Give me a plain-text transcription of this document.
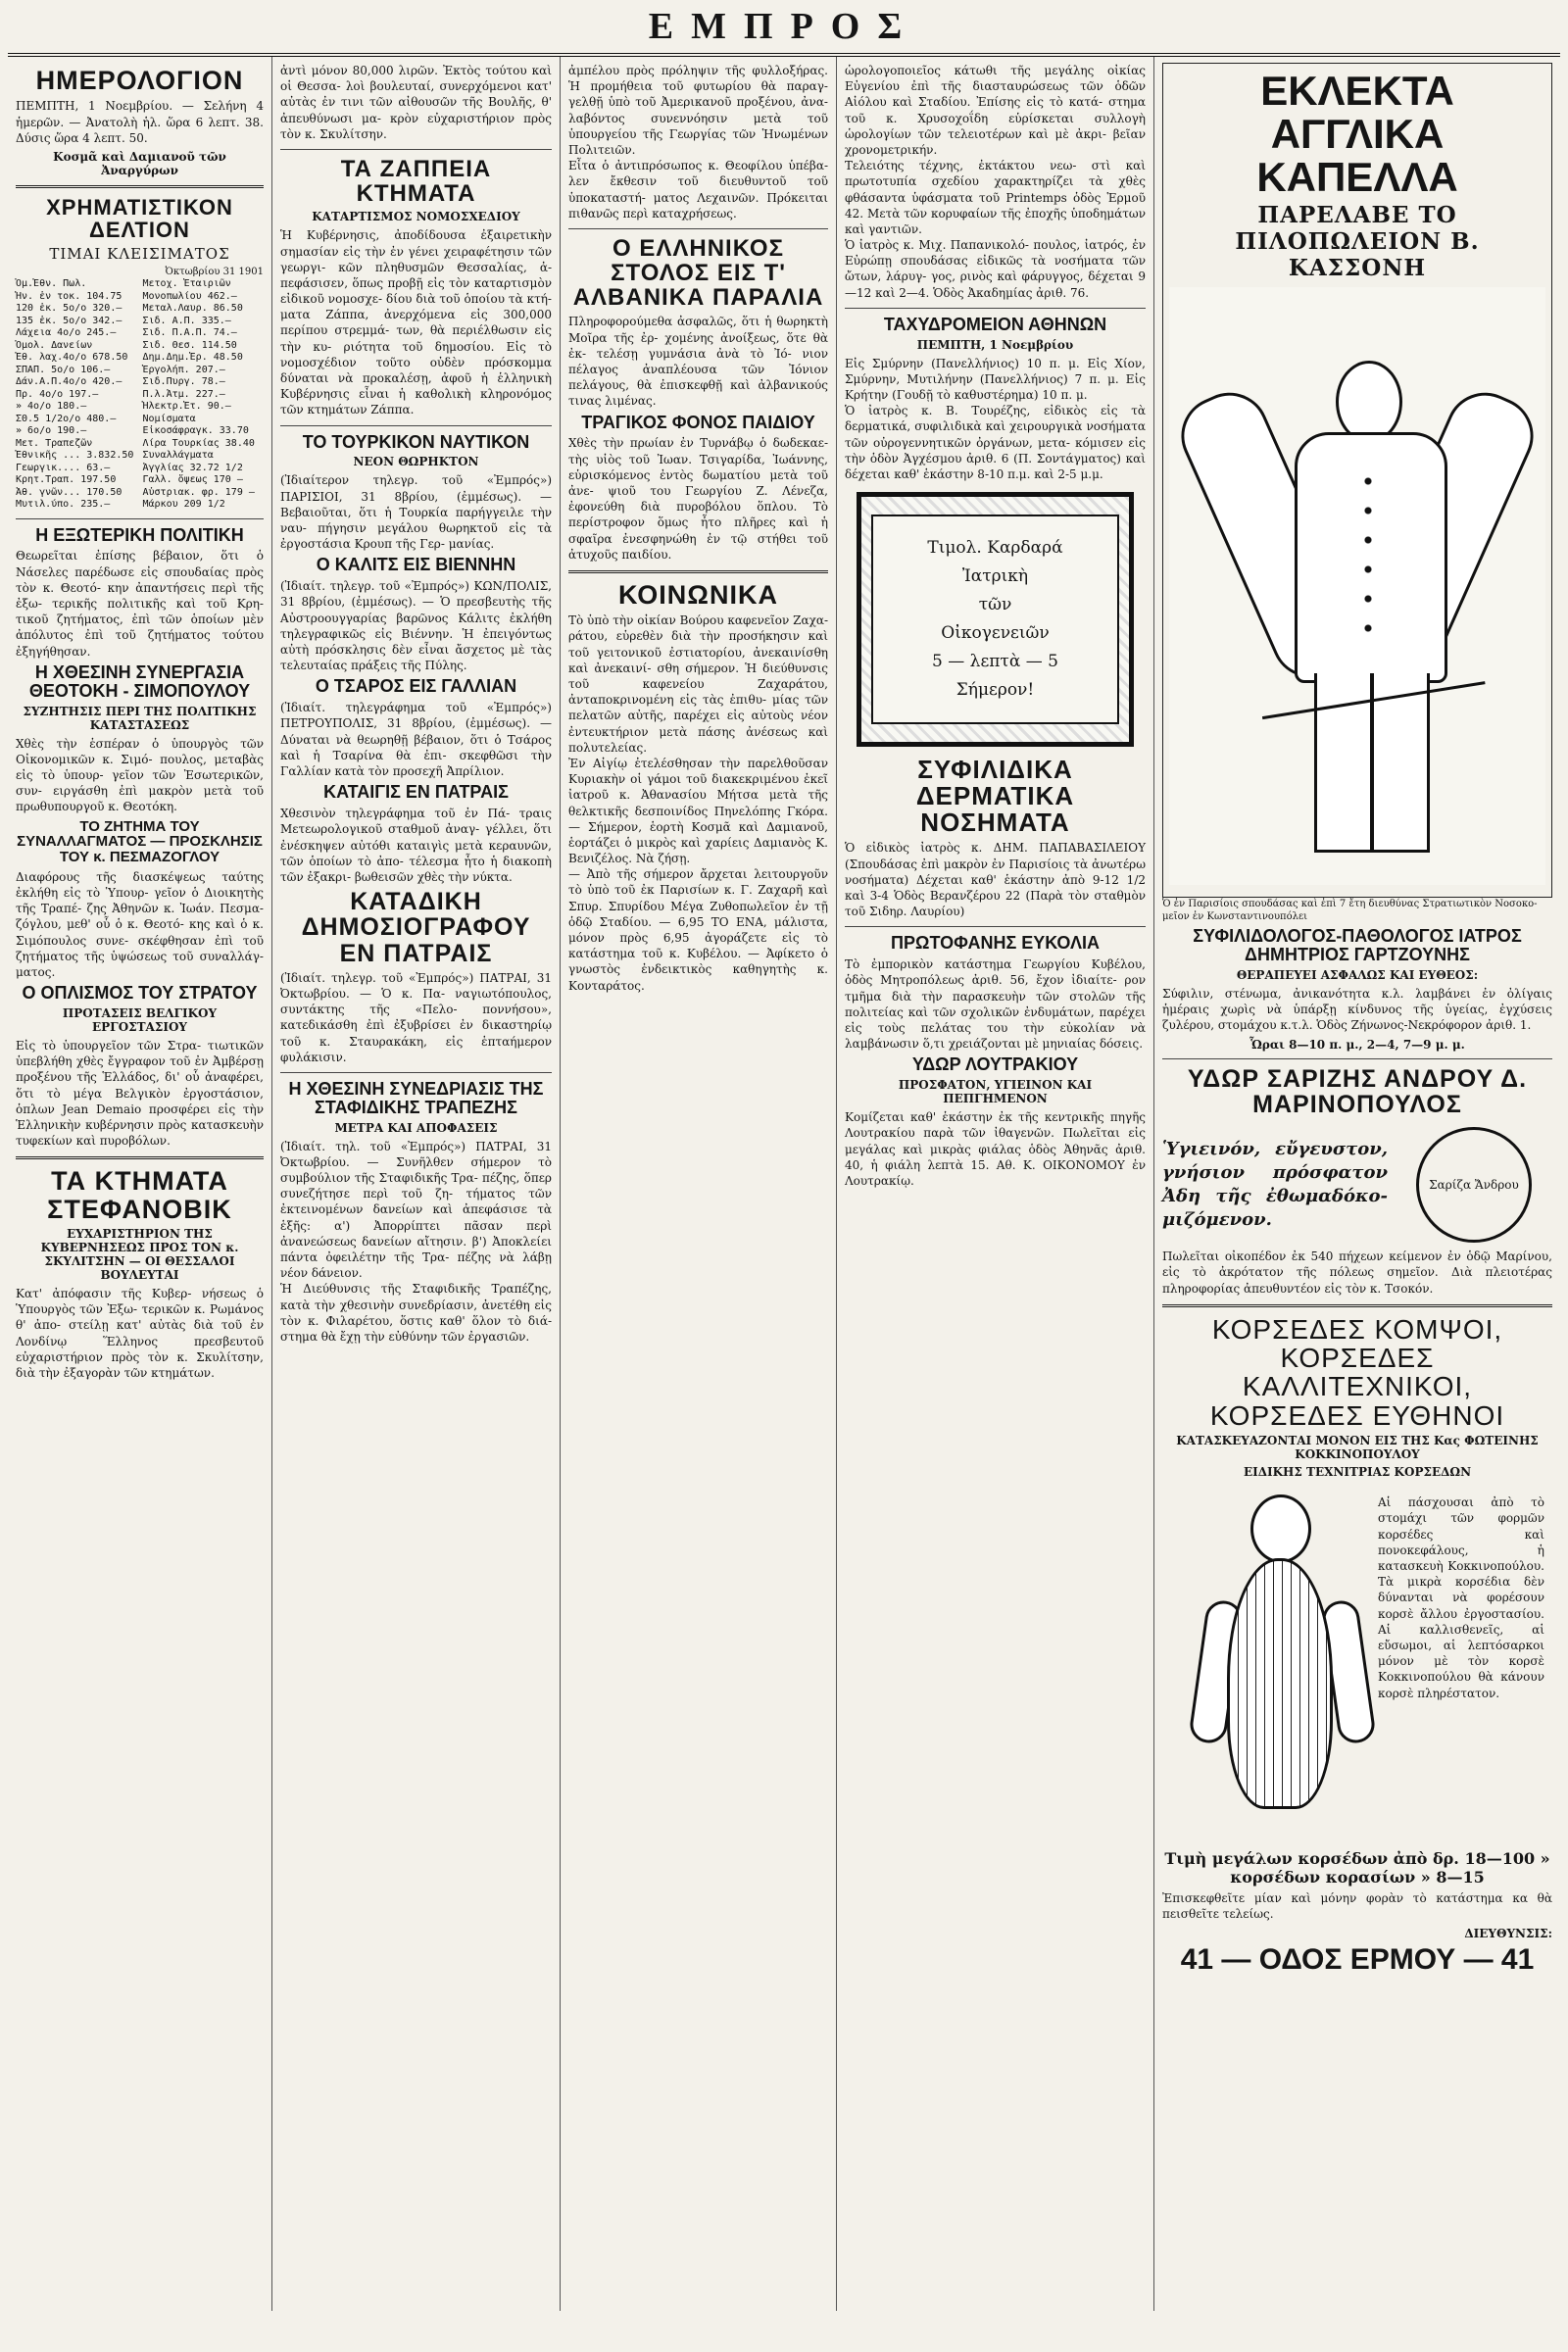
ΕΜΠΡΟΣ
ΗΜΕΡΟΛΟΓΙΟΝ
ΠΕΜΠΤΗ, 1 Νοεμβρίου. — Σελήνη 4 ἡμερῶν. — Ἀνατολὴ ἡλ. ὥρα 6 λεπτ. 38. Δύσις ὥρα 4 λεπτ. 50.
Κοσμᾶ καὶ Δαμιανοῦ τῶν Ἀναργύρων
ΧΡΗΜΑΤΙΣΤΙΚΟΝ ΔΕΛΤΙΟΝ
ΤΙΜΑΙ ΚΛΕΙΣΙΜΑΤΟΣ
Ὀκτωβρίου 31 1901

Ὁμ.Ἐθν. Πωλ.

Ἠν. ἐν τοκ. 104.75

120 ἐκ. 5ο/ο 320.—

135 ἐκ. 5ο/ο 342.—

Λάχεια 4ο/ο 245.—

Ὁμολ. Δανείων

Ἐθ. λαχ.4ο/ο 678.50

ΣΠΑΠ. 5ο/ο 106.—

Δάν.Α.Π.4ο/ο 420.—

Πρ. 4ο/ο 197.—

» 4ο/ο 180.—

ΣΘ.5 1/2ο/ο 480.—

» 6ο/ο 190.—

Μετ. Τραπεζῶν

Ἐθνικῆς ... 3.832.50

Γεωργικ.... 63.—

Κρητ.Τραπ. 197.50

Ἀθ. γνῶν... 170.50

Μυτιλ.ύπο. 235.—

Μετοχ. Ἑταιριῶν

Μονοπωλίου 462.—

Μεταλ.Λαυρ. 86.50

Σιδ. Α.Π. 335.—

Σιδ. Π.Α.Π. 74.—

Σιδ. Θεσ. 114.50

Δημ.Δημ.Ἐρ. 48.50

Ἐργολήπ. 207.—

Σιδ.Πυργ. 78.—

Π.λ.Ἀτμ. 227.—

Ἠλεκτρ.Ἑτ. 90.—

Νομίσματα

Εἰκοσάφραγκ. 33.70

Λίρα Τουρκίας 38.40

Συναλλάγματα

Ἀγγλίας 32.72 1/2

Γαλλ. ὄψεως 170 —

Αὐστριακ. φρ. 179 —

Μάρκου 209 1/2

Η ΕΞΩΤΕΡΙΚΗ ΠΟΛΙΤΙΚΗ
Θεωρεῖται ἐπίσης βέβαιον, ὅτι ὁ Νάσελες παρέδωσε εἰς σπουδαίας πρὸς τὸν κ. Θεοτό- κην ἀπαντήσεις περὶ τῆς ἐξω- τερικῆς πολιτικῆς καὶ τοῦ Κρη- τικοῦ ζητήματος, ἐπὶ τῶν ὁποίων μὲν ἀπόλυτος ἐπὶ τοῦ ζητήματος τούτου ἐξηγήθησαν.
Η ΧΘΕΣΙΝΗ ΣΥΝΕΡΓΑΣΙΑ ΘΕΟΤΟΚΗ - ΣΙΜΟΠΟΥΛΟΥ
ΣΥΖΗΤΗΣΙΣ ΠΕΡΙ ΤΗΣ ΠΟΛΙΤΙΚΗΣ ΚΑΤΑΣΤΑΣΕΩΣ
Χθὲς τὴν ἑσπέραν ὁ ὑπουργὸς τῶν Οἰκονομικῶν κ. Σιμό- πουλος, μεταβὰς εἰς τὸ ὑπουρ- γεῖον τῶν Ἐσωτερικῶν, συν- ειργάσθη ἐπὶ μακρὸν μετὰ τοῦ πρωθυπουργοῦ κ. Θεοτόκη.
ΤΟ ΖΗΤΗΜΑ ΤΟΥ ΣΥΝΑΛΛΑΓΜΑΤΟΣ — ΠΡΟΣΚΛΗΣΙΣ ΤΟΥ κ. ΠΕΣΜΑΖΟΓΛΟΥ
Διαφόρους τῆς διασκέψεως ταύτης ἐκλήθη εἰς τὸ Ὑπουρ- γεῖον ὁ Διοικητὴς τῆς Τραπέ- ζης Ἀθηνῶν κ. Ἰωάν. Πεσμα- ζόγλου, μεθ' οὗ ὁ κ. Θεοτό- κης καὶ ὁ κ. Σιμόπουλος συνε- σκέφθησαν ἐπὶ τοῦ ζητήματος τῆς ὑψώσεως τοῦ συναλλάγ- ματος.
Ο ΟΠΛΙΣΜΟΣ ΤΟΥ ΣΤΡΑΤΟΥ
ΠΡΟΤΑΣΕΙΣ ΒΕΛΓΙΚΟΥ ΕΡΓΟΣΤΑΣΙΟΥ
Εἰς τὸ ὑπουργεῖον τῶν Στρα- τιωτικῶν ὑπεβλήθη χθὲς ἔγγραφον τοῦ ἐν Ἀμβέρσῃ προξένου τῆς Ἑλλάδος, δι' οὗ ἀναφέρει, ὅτι τὸ μέγα Βελγικὸν ἐργοστάσιον, ὁπλων Jean Demaio προσφέρει εἰς τὴν Ἑλληνικὴν κυβέρνησιν πρὸς κατασκευὴν τυφεκίων καὶ πυροβόλων.
ΤΑ ΚΤΗΜΑΤΑ ΣΤΕΦΑΝΟΒΙΚ
ΕΥΧΑΡΙΣΤΗΡΙΟΝ ΤΗΣ ΚΥΒΕΡΝΗΣΕΩΣ ΠΡΟΣ ΤΟΝ κ. ΣΚΥΛΙΤΣΗΝ — ΟΙ ΘΕΣΣΑΛΟΙ ΒΟΥΛΕΥΤΑΙ
Κατ' ἀπόφασιν τῆς Κυβερ- νήσεως ὁ Ὑπουργὸς τῶν Ἐξω- τερικῶν κ. Ρωμάνος θ' ἀπο- στείλῃ κατ' αὐτὰς διὰ τοῦ ἐν Λονδίνῳ Ἕλληνος πρεσβευτοῦ εὐχαριστήριον πρὸς τὸν κ. Σκυλίτσην, διὰ τὴν ἐξαγορὰν τῶν κτημάτων.
ἀντὶ μόνον 80,000 λιρῶν. Ἐκτὸς τούτου καὶ οἱ Θεσσα- λοὶ βουλευταί, συνερχόμενοι κατ' αὐτὰς ἐν τινι τῶν αἰθουσῶν τῆς Βουλῆς, θ' ἀπευθύνωσι μα- κρὸν εὐχαριστήριον πρὸς τὸν κ. Σκυλίτσην.
ΤΑ ΖΑΠΠΕΙΑ ΚΤΗΜΑΤΑ
ΚΑΤΑΡΤΙΣΜΟΣ ΝΟΜΟΣΧΕΔΙΟΥ
Ἡ Κυβέρνησις, ἀποδίδουσα ἐξαιρετικὴν σημασίαν εἰς τὴν ἐν γένει χειραφέτησιν τῶν γεωργι- κῶν πληθυσμῶν Θεσσαλίας, ἀ- πεφάσισεν, ὅπως προβῇ εἰς τὸν καταρτισμὸν εἰδικοῦ νομοσχε- δίου διὰ τοῦ ὁποίου τὰ κτή- ματα Ζάππα, ἀνερχόμενα εἰς 300,000 περίπου στρεμμά- των, θὰ περιέλθωσιν εἰς τὴν κυ- ριότητα τοῦ δημοσίου. Εἰς τὸ νομοσχέδιον τοῦτο οὐδὲν πρόσκομμα δύναται νὰ προκαλέσῃ, ἀφοῦ ἡ ἑλληνικὴ Κυβέρνησις εἶναι ἡ καθολικὴ κληρονόμος τῶν κτημάτων Ζάππα.
ΤΟ ΤΟΥΡΚΙΚΟΝ ΝΑΥΤΙΚΟΝ
ΝΕΟΝ ΘΩΡΗΚΤΟΝ
(Ἰδιαίτερον τηλεγρ. τοῦ «Ἐμπρός») ΠΑΡΙΣΙΟΙ, 31 8βρίου, (ἐμμέσως). — Βεβαιοῦται, ὅτι ἡ Τουρκία παρήγγειλε τὴν ναυ- πήγησιν μεγάλου θωρηκτοῦ εἰς τὰ ἐργοστάσια Κρουπ τῆς Γερ- μανίας.
Ο ΚΑΛΙΤΣ ΕΙΣ ΒΙΕΝΝΗΝ
(Ἰδιαίτ. τηλεγρ. τοῦ «Ἐμπρός») ΚΩΝ/ΠΟΛΙΣ, 31 8βρίου, (ἐμμέσως). — Ὁ πρεσβευτὴς τῆς Αὐστροουγγαρίας βαρῶνος Κάλιτς ἐκλήθη τηλεγραφικῶς εἰς Βιέννην. Ἡ ἐπειγόντως αὐτὴ πρόσκλησις δὲν εἶναι ἄσχετος μὲ τὰς τελευταίας πράξεις τῆς Πύλης.
Ο ΤΣΑΡΟΣ ΕΙΣ ΓΑΛΛΙΑΝ
(Ἰδιαίτ. τηλεγράφημα τοῦ «Ἐμπρός») ΠΕΤΡΟΥΠΟΛΙΣ, 31 8βρίου, (ἐμμέσως). — Δύναται νὰ θεωρηθῇ βέβαιον, ὅτι ὁ Τσάρος καὶ ἡ Τσαρίνα θὰ ἐπι- σκεφθῶσι τὴν Γαλλίαν κατὰ τὸν προσεχῆ Ἀπρίλιον.
ΚΑΤΑΙΓΙΣ ΕΝ ΠΑΤΡΑΙΣ
Χθεσινὸν τηλεγράφημα τοῦ ἐν Πά- τραις Μετεωρολογικοῦ σταθμοῦ ἀναγ- γέλλει, ὅτι ἐνέσκηψεν αὐτόθι καταιγὶς μετὰ κεραυνῶν, τῶν ὁποίων τὸ ἀπο- τέλεσμα ἦτο ἡ διακοπὴ τῶν ἐξακρι- βωθεισῶν χθὲς τὴν νύκτα.
ΚΑΤΑΔΙΚΗ ΔΗΜΟΣΙΟΓΡΑΦΟΥ ΕΝ ΠΑΤΡΑΙΣ
(Ἰδιαίτ. τηλεγρ. τοῦ «Ἐμπρός») ΠΑΤΡΑΙ, 31 Ὀκτωβρίου. — Ὁ κ. Πα- ναγιωτόπουλος, συντάκτης τῆς «Πελο- ποννήσου», κατεδικάσθη ἐπὶ ἐξυβρίσει ἐν δικαστηρίῳ τοῦ κ. Σταυρακάκη, εἰς ἑπταήμερον φυλάκισιν.
Η ΧΘΕΣΙΝΗ ΣΥΝΕΔΡΙΑΣΙΣ ΤΗΣ ΣΤΑΦΙΔΙΚΗΣ ΤΡΑΠΕΖΗΣ
ΜΕΤΡΑ ΚΑΙ ΑΠΟΦΑΣΕΙΣ
(Ἰδιαίτ. τηλ. τοῦ «Ἐμπρός») ΠΑΤΡΑΙ, 31 Ὀκτωβρίου. — Συνῆλθεν σήμερον τὸ συμβούλιον τῆς Σταφιδικῆς Τρα- πέζης, ὅπερ συνεζήτησε περὶ τοῦ ζη- τήματος τῶν ἐκτεινομένων δανείων καὶ ἀπεφάσισε τὰ ἑξῆς: α') Ἀπορρίπτει πᾶσαν περὶ ἀνανεώσεως δανείων αἴτησιν. β') Ἀποκλείει πάντα ὀφειλέτην τῆς Τρα- πέζης νὰ λάβῃ νέον δάνειον.
Ἡ Διεύθυνσις τῆς Σταφιδικῆς Τραπέζης, κατὰ τὴν χθεσινὴν συνεδρίασιν, ἀνετέθη εἰς τὸν κ. Φιλαρέτου, ὅστις καθ' ὅλον τὸ διά- στημα θὰ ἔχῃ τὴν εὐθύνην τῶν ἐργασιῶν.
ἀμπέλου πρὸς πρόληψιν τῆς φυλλοξήρας. Ἡ προμήθεια τοῦ φυτωρίου θὰ παραγ- γελθῇ ὑπὸ τοῦ Ἀμερικανοῦ προξένου, ἀνα- λαβόντος συνεννόησιν μετὰ τοῦ ὑπουργείου τῆς Γεωργίας τῶν Ἡνωμένων Πολιτειῶν.
Εἶτα ὁ ἀντιπρόσωπος κ. Θεοφίλου ὑπέβα- λεν ἔκθεσιν τοῦ διευθυντοῦ τοῦ ὑποκαταστή- ματος Λεχαινῶν. Πρόκειται πιθανῶς περὶ καταχρήσεως.
Ο ΕΛΛΗΝΙΚΟΣ ΣΤΟΛΟΣ ΕΙΣ Τ' ΑΛΒΑΝΙΚΑ ΠΑΡΑΛΙΑ
Πληροφορούμεθα ἀσφαλῶς, ὅτι ἡ θωρηκτὴ Μοῖρα τῆς ἐρ- χομένης ἀνοίξεως, ὅτε θὰ ἐκ- τελέσῃ γυμνάσια ἀνὰ τὸ Ἰό- νιον πέλαγος ἀναπλέουσα τῶν Ἰόνιον πελάγους, θὰ ἐπισκεφθῇ καὶ ἀλβανικούς τινας λιμένας.
ΤΡΑΓΙΚΟΣ ΦΟΝΟΣ ΠΑΙΔΙΟΥ
Χθὲς τὴν πρωίαν ἐν Τυρνάβῳ ὁ δωδεκαε- τὴς υἱὸς τοῦ Ἰωαν. Τσιγαρίδα, Ἰωάννης, εὑρισκόμενος ἐντὸς δωματίου μετὰ τοῦ ἀνε- ψιοῦ του Γεωργίου Ζ. Λένεζα, ἐφονεύθη διὰ πυροβόλου ὅπλου. Τὸ περίστροφον ὅμως ἦτο πλῆρες καὶ ἡ σφαῖρα ἐνεσφηνώθη ἐν τῷ στήθει τοῦ ἀτυχοῦς παιδίου.
ΚΟΙΝΩΝΙΚΑ
Τὸ ὑπὸ τὴν οἰκίαν Βούρου καφενεῖον Ζαχα- ράτου, εὑρεθὲν διὰ τὴν προσήκησιν καὶ τοῦ γειτονικοῦ ἐστιατορίου, ἀνεκαινίσθη καὶ ἀνεκαινί- σθη σήμερον. Ἡ διεύθυνσις τοῦ καφενείου Ζαχαράτου, ἀνταποκρινομένη εἰς τὰς ἐπιθυ- μίας τῶν πελατῶν αὐτῆς, παρέχει εἰς αὐτοὺς νέον ἐντευκτήριον μετὰ πάσης ἀνέσεως καὶ πολυτελείας.
Ἐν Αἰγίῳ ἐτελέσθησαν τὴν παρελθοῦσαν Κυριακὴν οἱ γάμοι τοῦ διακεκριμένου ἐκεῖ ἰατροῦ κ. Ἀθανασίου Μήτσα μετὰ τῆς θελκτικῆς δεσποινίδος Πηνελόπης Γκόρα. — Σήμερον, ἑορτὴ Κοσμᾶ καὶ Δαμιανοῦ, ἑορτάζει ὁ μικρὸς καὶ χαρίεις Δαμιανὸς Κ. Βενιζέλος. Νὰ ζήσῃ.
— Ἀπὸ τῆς σήμερον ἄρχεται λειτουργοῦν τὸ ὑπὸ τοῦ ἐκ Παρισίων κ. Γ. Ζαχαρῆ καὶ Σπυρ. Σπυρίδου Μέγα Ζυθοπωλεῖον ἐν τῇ ὁδῷ Σταδίου. — 6,95 ΤΟ ΕΝΑ, μάλιστα, μόνον πρὸς 6,95 ἀγοράζετε εἰς τὸ κατάστημα τοῦ κ. Κυβέλου. — Ἀφίκετο ὁ γνωστὸς ἐνδεικτικὸς καθηγητὴς κ. Κονταράτος.
ὡρολογοποιεῖος κάτωθι τῆς μεγάλης οἰκίας Εὐγενίου ἐπὶ τῆς διασταυρώσεως τῶν ὁδῶν Αἰόλου καὶ Σταδίου. Ἐπίσης εἰς τὸ κατά- στημα τοῦ κ. Χρυσοχοΐδη εὑρίσκεται συλλογὴ ὡρολογίων τῶν τελειοτέρων καὶ μὲ ἀκρι- βεῖαν χρονομετρικήν.
Τελειότης τέχνης, ἐκτάκτου νεω- στὶ καὶ πρωτοτυπία σχεδίου χαρακτηρίζει τὰ χθὲς φθάσαντα ὑφάσματα τοῦ Printemps ὁδὸς Ἑρμοῦ 42. Μετὰ τῶν κορυφαίων τῆς ἐποχῆς ὑποδημάτων καὶ γαντιῶν.
Ὁ ἰατρὸς κ. Μιχ. Παπανικολό- πουλος, ἰατρός, ἐν Εὐρώπῃ σπουδάσας εἰδικῶς τὰ νοσήματα τῶν ὤτων, λάρυγ- γος, ρινὸς καὶ φάρυγγος, δέχεται 9—12 καὶ 2—4. Ὁδὸς Ἀκαδημίας ἀριθ. 76.
ΤΑΧΥΔΡΟΜΕΙΟΝ ΑΘΗΝΩΝ
ΠΕΜΠΤΗ, 1 Νοεμβρίου
Εἰς Σμύρνην (Πανελλήνιος) 10 π. μ. Εἰς Χίον, Σμύρνην, Μυτιλήνην (Πανελλήνιος) 7 π. μ. Εἰς Κρήτην (Γουδῇ τὸ καθυστέρημα) 10 π. μ.
Ὁ ἰατρὸς κ. Β. Τουρέζης, εἰδικὸς εἰς τὰ δερματικά, συφιλιδικὰ καὶ χειρουργικὰ νοσήματα τῶν οὐρογεννητικῶν ὀργάνων, μετα- κόμισεν εἰς τὴν ὁδὸν Ἀγχέσμου ἀριθ. 6 (Π. Σοντάγματος) καὶ δέχεται καθ' ἑκάστην 8-10 π.μ. καὶ 2-5 μ.μ.
Τιμολ. Καρδαρά
Ἰατρικὴ
τῶν
Οἰκογενειῶν
5 — λεπτὰ — 5
Σήμερον!
ΣΥΦΙΛΙΔΙΚΑ ΔΕΡΜΑΤΙΚΑ ΝΟΣΗΜΑΤΑ
Ὁ εἰδικὸς ἰατρὸς κ. ΔΗΜ. ΠΑΠΑΒΑΣΙΛΕΙΟΥ (Σπουδάσας ἐπὶ μακρὸν ἐν Παρισίοις τὰ ἀνωτέρω νοσήματα) Δέχεται καθ' ἑκάστην ἀπὸ 9-12 1/2 καὶ 3-4 Ὁδὸς Βερανζέρου 22 (Παρὰ τὸν σταθμὸν τοῦ Σιδηρ. Λαυρίου)
ΠΡΩΤΟΦΑΝΗΣ ΕΥΚΟΛΙΑ
Τὸ ἐμπορικὸν κατάστημα Γεωργίου Κυβέλου, ὁδὸς Μητροπόλεως ἀριθ. 56, ἔχον ἰδιαίτε- ρον τμῆμα διὰ τὴν παρασκευὴν τῶν στολῶν τῆς πολιτείας καὶ τῶν σχολικῶν ἐνδυμάτων, παρέχει εἰς τοὺς πελάτας του τὴν εὐκολίαν νὰ λαμβάνωσιν ὅ,τι χρειάζονται μὲ μηνιαίας δόσεις.
ΥΔΩΡ ΛΟΥΤΡΑΚΙΟΥ
ΠΡΟΣΦΑΤΟΝ, ΥΓΙΕΙΝΟΝ ΚΑΙ ΠΕΠΓΗΜΕΝΟΝ
Κομίζεται καθ' ἑκάστην ἐκ τῆς κεντρικῆς πηγῆς Λουτρακίου παρὰ τῶν ἰθαγενῶν. Πωλεῖται εἰς μεγάλας καὶ μικρὰς φιάλας ὁδὸς Ἀθηνᾶς ἀριθ. 40, ἡ φιάλη λεπτὰ 15. Αθ. Κ. ΟΙΚΟΝΟΜΟΥ ἐν Λουτρακίῳ.
ΕΚΛΕΚΤΑ ΑΓΓΛΙΚΑ ΚΑΠΕΛΛΑ
ΠΑΡΕΛΑΒΕ ΤΟ ΠΙΛΟΠΩΛΕΙΟΝ Β. ΚΑΣΣΟΝΗ
Ὁ ἐν Παρισίοις σπουδάσας καὶ ἐπὶ 7 ἔτη διευθύνας Στρατιωτικὸν Νοσοκο- μεῖον ἐν Κωνσταντινουπόλει
ΣΥΦΙΛΙΔΟΛΟΓΟΣ-ΠΑΘΟΛΟΓΟΣ ΙΑΤΡΟΣ ΔΗΜΗΤΡΙΟΣ ΓΑΡΤΖΟΥΝΗΣ
ΘΕΡΑΠΕΥΕΙ ΑΣΦΑΛΩΣ ΚΑΙ ΕΥΘΕΟΣ:
Σύφιλιν, στένωμα, ἀνικανότητα κ.λ. λαμβάνει ἐν ὀλίγαις ἡμέραις χωρὶς νὰ ὑπάρξῃ κίνδυνος τῆς ὑγείας, ἐγχύσεις ζυλέρου, στομάχου κ.τ.λ. Ὁδὸς Ζήνωνος-Νεκρόφορον ἀριθ. 1.
Ὧραι 8—10 π. μ., 2—4, 7—9 μ. μ.
ΥΔΩΡ ΣΑΡΙΖΗΣ ΑΝΔΡΟΥ Δ. ΜΑΡΙΝΟΠΟΥΛΟΣ
Ὑγιεινόν, εὔγευστον, γνήσιον πρόσφατον Ἀδη τῆς ἐθωμαδόκο- μιζόμενον.
Σαρίζα Ἄνδρου
Πωλεῖται οἰκοπέδον ἐκ 540 πήχεων κείμενον ἐν ὁδῷ Μαρίνου, εἰς τὸ ἀκρότατον τῆς πόλεως σημεῖον. Διὰ πλειοτέρας πληροφορίας ἀπευθυντέον εἰς τὸν κ. Τσοκόν.
ΚΟΡΣΕΔΕΣ ΚΟΜΨΟΙ, ΚΟΡΣΕΔΕΣ ΚΑΛΛΙΤΕΧΝΙΚΟΙ, ΚΟΡΣΕΔΕΣ ΕΥΘΗΝΟΙ
ΚΑΤΑΣΚΕΥΑΖΟΝΤΑΙ ΜΟΝΟΝ ΕΙΣ ΤΗΣ Κας ΦΩΤΕΙΝΗΣ ΚΟΚΚΙΝΟΠΟΥΛΟΥ
ΕΙΔΙΚΗΣ ΤΕΧΝΙΤΡΙΑΣ ΚΟΡΣΕΔΩΝ
Αἱ πάσχουσαι ἀπὸ τὸ στομάχι τῶν φορμῶν κορσέδες καὶ πονοκεφάλους, ἡ κατασκευὴ Κοκκινοπούλου. Τὰ μικρὰ κορσέδια δὲν δύνανται νὰ φορέσουν κορσὲ ἄλλου ἐργοστασίου. Αἱ καλλισθενεῖς, αἱ εὔσωμοι, αἱ λεπτόσαρκοι μόνον μὲ τὸν κορσὲ Κοκκινοπούλου θὰ κάνουν κορσὲ πληρέστατον.
Τιμὴ μεγάλων κορσέδων ἀπὸ δρ. 18—100 » κορσέδων κορασίων » 8—15
Ἐπισκεφθεῖτε μίαν καὶ μόνην φορὰν τὸ κατάστημα κα θὰ πεισθεῖτε τελείως.
ΔΙΕΥΘΥΝΣΙΣ:
41 — ΟΔΟΣ ΕΡΜΟΥ — 41
